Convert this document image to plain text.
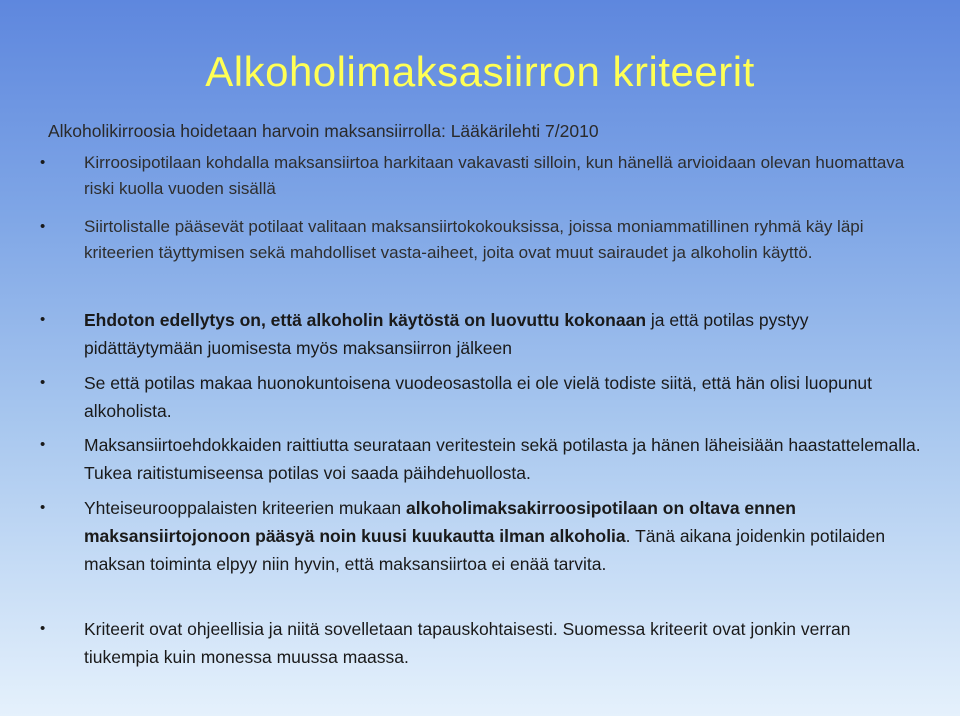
Alkoholimaksasiirron kriteerit
Alkoholikirroosia hoidetaan harvoin maksansiirrolla: Lääkärilehti 7/2010
• Kirroosipotilaan kohdalla maksansiirtoa harkitaan vakavasti silloin, kun hänellä arvioidaan olevan huomattava riski kuolla vuoden sisällä
• Siirtolistalle pääsevät potilaat valitaan maksansiirtokokouksissa, joissa moniammatillinen ryhmä käy läpi kriteerien täyttymisen sekä mahdolliset vasta-aiheet, joita ovat muut sairaudet ja alkoholin käyttö.
• Ehdoton edellytys on, että alkoholin käytöstä on luovuttu kokonaan ja että potilas pystyy pidättäytymään juomisesta myös maksansiirron jälkeen
• Se että potilas makaa huonokuntoisena vuodeosastolla ei ole vielä todiste siitä, että hän olisi luopunut alkoholista.
• Maksansiirtoehdokkaiden raittiutta seurataan veritestein sekä potilasta ja hänen läheisiään haastattelemalla. Tukea raitistumiseensa potilas voi saada päihdehuollosta.
• Yhteiseurooppalaisten kriteerien mukaan alkoholimaksakirroosipotilaan on oltava ennen maksansiirtojonoon pääsyä noin kuusi kuukautta ilman alkoholia. Tänä aikana joidenkin potilaiden maksan toiminta elpyy niin hyvin, että maksansiirtoa ei enää tarvita.
• Kriteerit ovat ohjeellisia ja niitä sovelletaan tapauskohtaisesti. Suomessa kriteerit ovat jonkin verran tiukempia kuin monessa muussa maassa.
